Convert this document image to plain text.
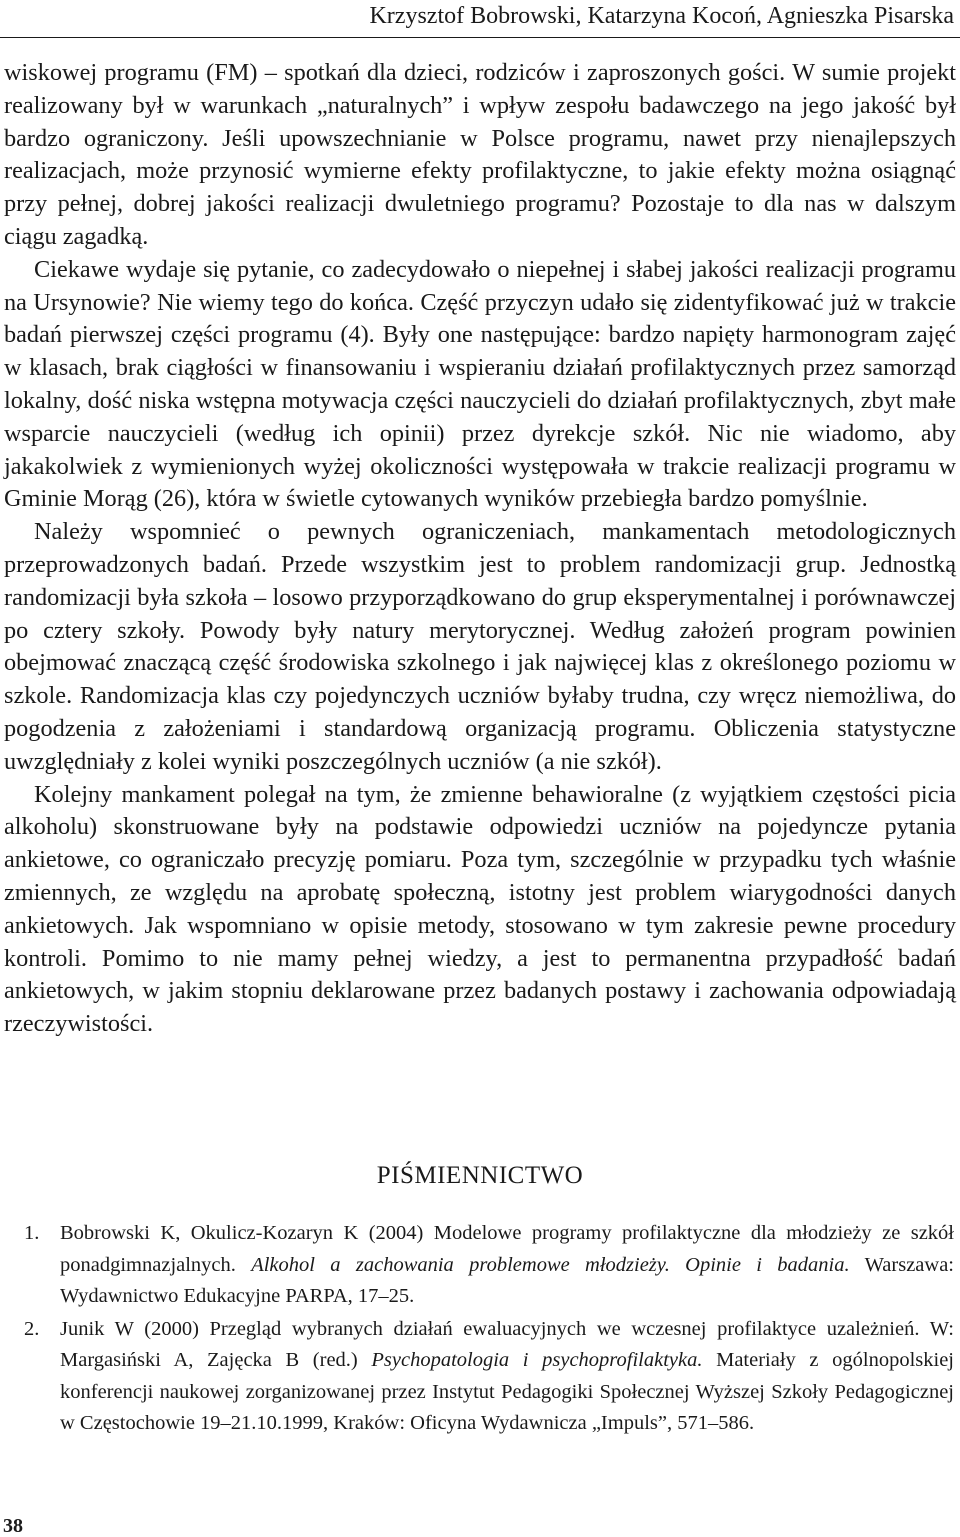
Krzysztof Bobrowski, Katarzyna Kocoń, Agnieszka Pisarska

wiskowej programu (FM) – spotkań dla dzieci, rodziców i zaproszonych gości. W sumie projekt realizowany był w warunkach „naturalnych” i wpływ zespołu badawczego na jego jakość był bardzo ograniczony. Jeśli upowszechnianie w Polsce programu, nawet przy nienajlepszych realizacjach, może przynosić wymierne efekty profilaktyczne, to jakie efekty można osiągnąć przy pełnej, dobrej jakości realizacji dwuletniego programu? Pozostaje to dla nas w dalszym ciągu zagadką.

Ciekawe wydaje się pytanie, co zadecydowało o niepełnej i słabej jakości realizacji programu na Ursynowie? Nie wiemy tego do końca. Część przyczyn udało się zidentyfikować już w trakcie badań pierwszej części programu (4). Były one następujące: bardzo napięty harmonogram zajęć w klasach, brak ciągłości w finansowaniu i wspieraniu działań profilaktycznych przez samorząd lokalny, dość niska wstępna motywacja części nauczycieli do działań profilaktycznych, zbyt małe wsparcie nauczycieli (według ich opinii) przez dyrekcje szkół. Nic nie wiadomo, aby jakakolwiek z wymienionych wyżej okoliczności występowała w trakcie realizacji programu w Gminie Morąg (26), która w świetle cytowanych wyników przebiegła bardzo pomyślnie.

Należy wspomnieć o pewnych ograniczeniach, mankamentach metodologicznych przeprowadzonych badań. Przede wszystkim jest to problem randomizacji grup. Jednostką randomizacji była szkoła – losowo przyporządkowano do grup eksperymentalnej i porównawczej po cztery szkoły. Powody były natury merytorycznej. Według założeń program powinien obejmować znaczącą część środowiska szkolnego i jak najwięcej klas z określonego poziomu w szkole. Randomizacja klas czy pojedynczych uczniów byłaby trudna, czy wręcz niemożliwa, do pogodzenia z założeniami i standardową organizacją programu. Obliczenia statystyczne uwzględniały z kolei wyniki poszczególnych uczniów (a nie szkół).

Kolejny mankament polegał na tym, że zmienne behawioralne (z wyjątkiem częstości picia alkoholu) skonstruowane były na podstawie odpowiedzi uczniów na pojedyncze pytania ankietowe, co ograniczało precyzję pomiaru. Poza tym, szczególnie w przypadku tych właśnie zmiennych, ze względu na aprobatę społeczną, istotny jest problem wiarygodności danych ankietowych. Jak wspomniano w opisie metody, stosowano w tym zakresie pewne procedury kontroli. Pomimo to nie mamy pełnej wiedzy, a jest to permanentna przypadłość badań ankietowych, w jakim stopniu deklarowane przez badanych postawy i zachowania odpowiadają rzeczywistości.

PIŚMIENNICTWO
1.	Bobrowski K, Okulicz-Kozaryn K (2004) Modelowe programy profilaktyczne dla młodzieży ze szkół ponadgimnazjalnych. Alkohol a zachowania problemowe młodzieży. Opinie i badania. Warszawa: Wydawnictwo Edukacyjne PARPA, 17–25.
2.	Junik W (2000) Przegląd wybranych działań ewaluacyjnych we wczesnej profilaktyce uzależnień. W: Margasiński A, Zajęcka B (red.) Psychopatologia i psychoprofilaktyka. Materiały z ogólnopolskiej konferencji naukowej zorganizowanej przez Instytut Pedagogiki Społecznej Wyższej Szkoły Pedagogicznej w Częstochowie 19–21.10.1999, Kraków: Oficyna Wydawnicza „Impuls”, 571–586.
38
